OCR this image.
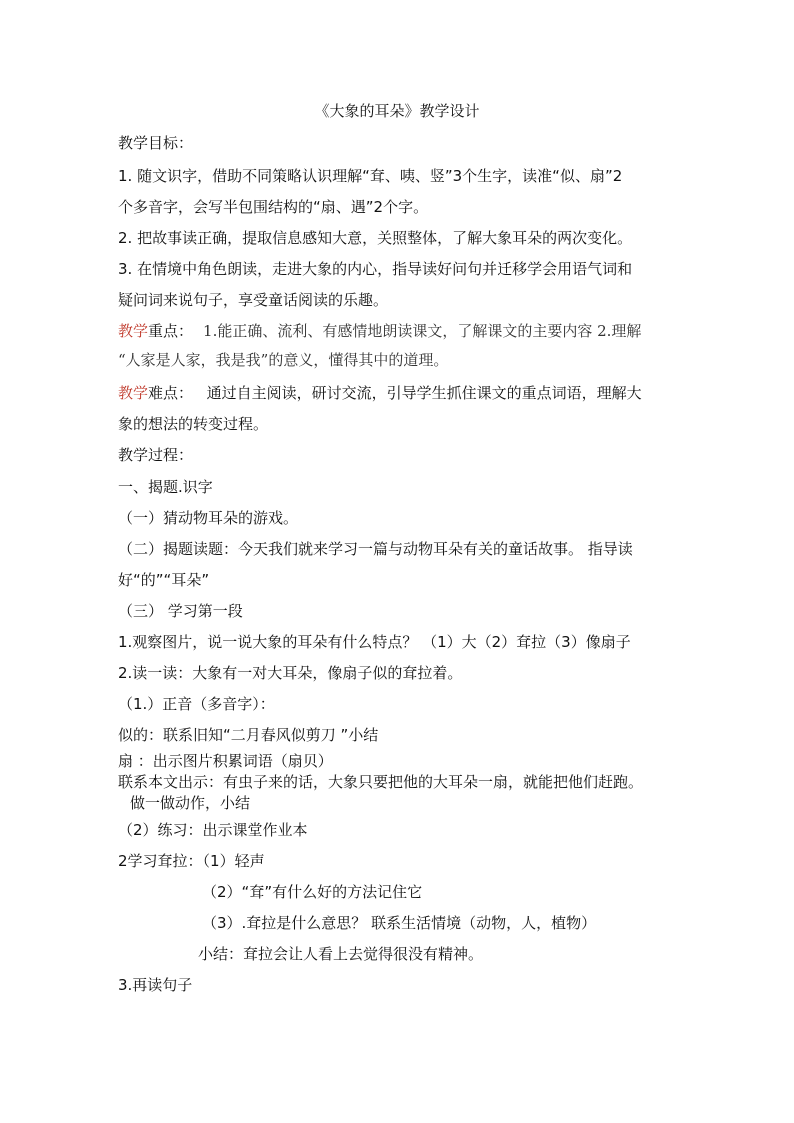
《大象的耳朵》教学设计
教学目标：
1. 随文识字，借助不同策略认识理解“耷、咦、竖”3个生字，读准“似、扇”2
个多音字，会写半包围结构的“扇、遇”2个字。
2. 把故事读正确，提取信息感知大意，关照整体，了解大象耳朵的两次变化。
3. 在情境中角色朗读，走进大象的内心，指导读好问句并迁移学会用语气词和
疑问词来说句子，享受童话阅读的乐趣。
教学重点： 1.能正确、流利、有感情地朗读课文，了解课文的主要内容 2.理解
“人家是人家，我是我”的意义，懂得其中的道理。
教学难点：  通过自主阅读，研讨交流，引导学生抓住课文的重点词语，理解大
象的想法的转变过程。
教学过程：
一、揭题.识字
（一）猜动物耳朵的游戏。
（二）揭题读题：今天我们就来学习一篇与动物耳朵有关的童话故事。 指导读
好“的”“耳朵”
（三） 学习第一段
1.观察图片，说一说大象的耳朵有什么特点？ （1）大（2）耷拉（3）像扇子
2.读一读：大象有一对大耳朵，像扇子似的耷拉着。
（1.）正音（多音字）：
似的：联系旧知“二月春风似剪刀 ”小结
扇 ：出示图片积累词语（扇贝）
联系本文出示：有虫子来的话，大象只要把他的大耳朵一扇，就能把他们赶跑。
做一做动作，小结
（2）练习：出示课堂作业本
2学习耷拉：（1）轻声
（2）“耷”有什么好的方法记住它
（3）.耷拉是什么意思？ 联系生活情境（动物，人，植物）
小结：耷拉会让人看上去觉得很没有精神。
3.再读句子
